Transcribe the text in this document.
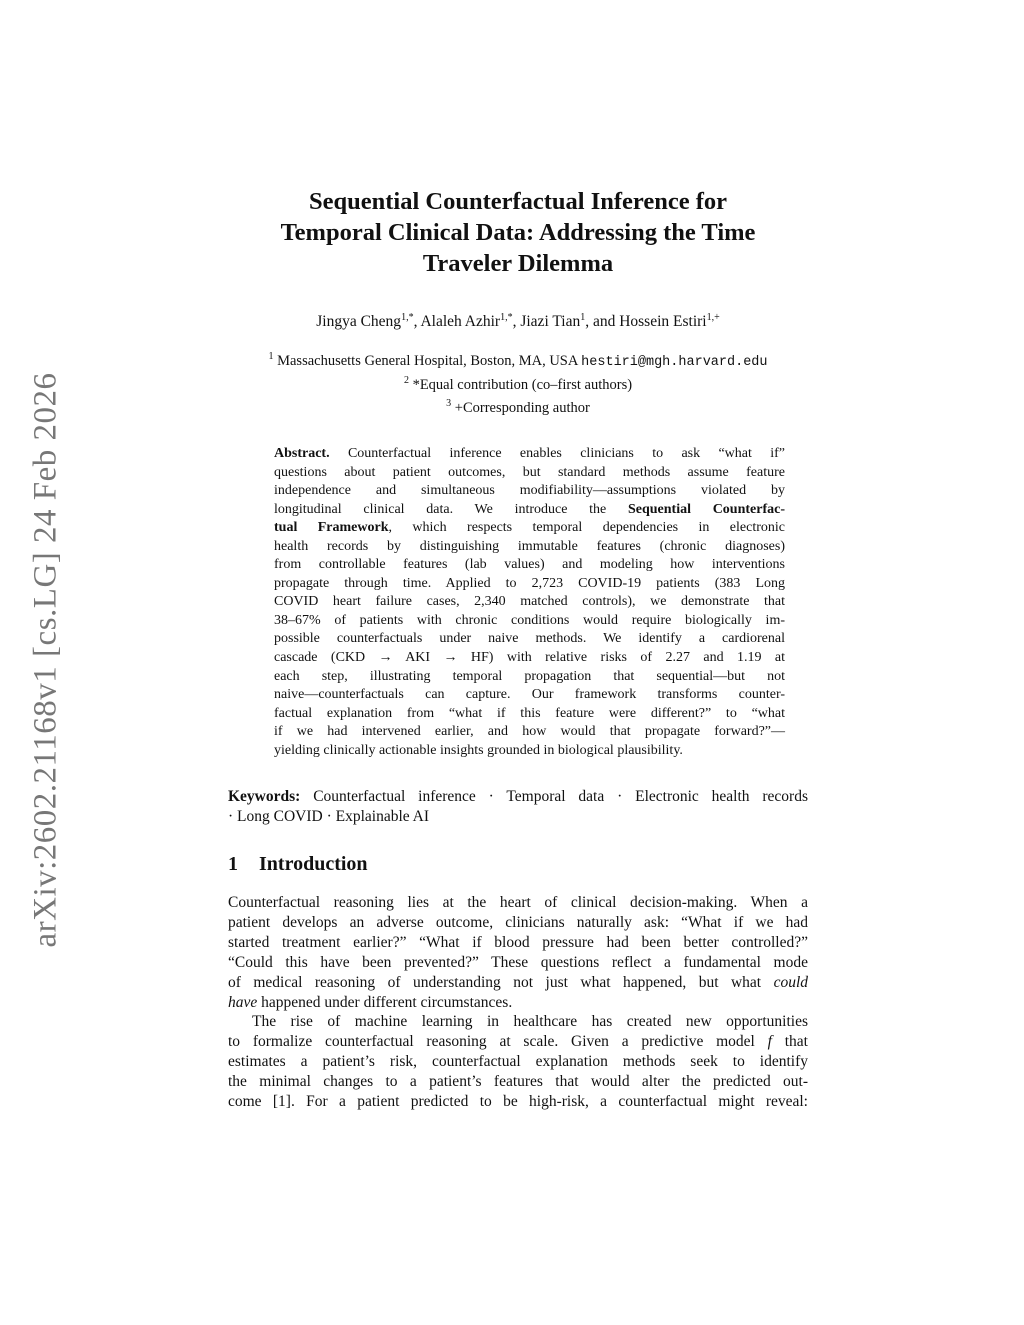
arXiv:2602.21168v1 [cs.LG] 24 Feb 2026
Sequential Counterfactual Inference for
Temporal Clinical Data: Addressing the Time
Traveler Dilemma
Jingya Cheng$^{1,*}$, Alaleh Azhir$^{1,*}$, Jiazi Tian$^1$, and Hossein Estiri$^{1,+}$
$^1$ Massachusetts General Hospital, Boston, MA, USA hestiri@mgh.harvard.edu
$^2$ *Equal contribution (co–first authors)
$^3$ +Corresponding author
Abstract. Counterfactual inference enables clinicians to ask “what if”
questions about patient outcomes, but standard methods assume feature
independence and simultaneous modifiability—assumptions violated by
longitudinal clinical data. We introduce the Sequential Counterfac-
tual Framework, which respects temporal dependencies in electronic
health records by distinguishing immutable features (chronic diagnoses)
from controllable features (lab values) and modeling how interventions
propagate through time. Applied to 2,723 COVID-19 patients (383 Long
COVID heart failure cases, 2,340 matched controls), we demonstrate that
38–67% of patients with chronic conditions would require biologically im-
possible counterfactuals under naive methods. We identify a cardiorenal
cascade (CKD → AKI → HF) with relative risks of 2.27 and 1.19 at
each step, illustrating temporal propagation that sequential—but not
naive—counterfactuals can capture. Our framework transforms counter-
factual explanation from “what if this feature were different?” to “what
if we had intervened earlier, and how would that propagate forward?”—
yielding clinically actionable insights grounded in biological plausibility.
Keywords: Counterfactual inference · Temporal data · Electronic health records
· Long COVID · Explainable AI
1 Introduction
Counterfactual reasoning lies at the heart of clinical decision-making. When a
patient develops an adverse outcome, clinicians naturally ask: “What if we had
started treatment earlier?” “What if blood pressure had been better controlled?”
“Could this have been prevented?” These questions reflect a fundamental mode
of medical reasoning of understanding not just what happened, but what could
have happened under different circumstances.
The rise of machine learning in healthcare has created new opportunities
to formalize counterfactual reasoning at scale. Given a predictive model f that
estimates a patient’s risk, counterfactual explanation methods seek to identify
the minimal changes to a patient’s features that would alter the predicted out-
come [1]. For a patient predicted to be high-risk, a counterfactual might reveal:
